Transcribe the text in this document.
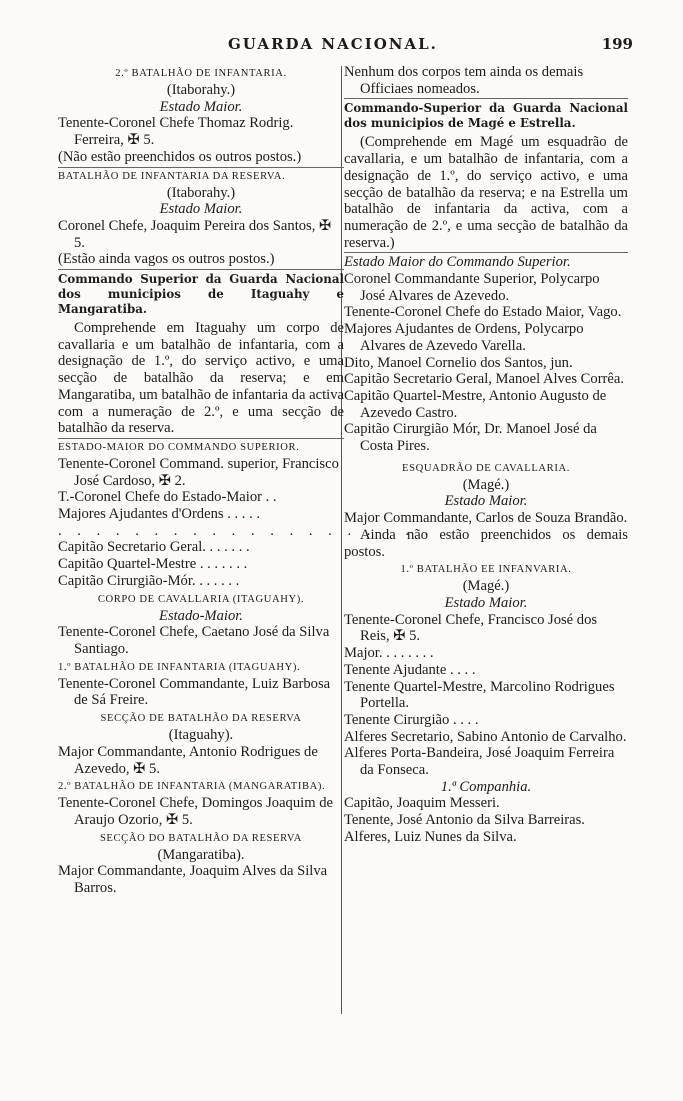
GUARDA NACIONAL.	199
2.º BATALHÃO DE INFANTARIA.
(Itaborahy.)
Estado Maior.
Tenente-Coronel Chefe Thomaz Rodrig. Ferreira, ✠ 5.
(Não estão preenchidos os outros postos.)
BATALHÃO DE INFANTARIA DA RESERVA.
(Itaborahy.)
Estado Maior.
Coronel Chefe, Joaquim Pereira dos Santos, ✠ 5.
(Estão ainda vagos os outros postos.)
Commando Superior da Guarda Nacional dos municipios de Itaguahy e Mangaratiba.
Comprehende em Itaguahy um corpo de cavallaria e um batalhão de infantaria, com a designação de 1.º, do serviço activo, e uma secção de batalhão da reserva; e em Mangaratiba, um batalhão de infantaria da activa com a numeração de 2.º, e uma secção de batalhão da reserva.
ESTADO-MAIOR DO COMMANDO SUPERIOR.
Tenente-Coronel Command. superior, Francisco José Cardoso, ✠ 2.
T.-Coronel Chefe do Estado-Maior . .
Majores Ajudantes d'Ordens . . . . .
. . . . . . . . . . . . . . . . . . . .
Capitão Secretario Geral. . . . . . .
Capitão Quartel-Mestre . . . . . . .
Capitão Cirurgião-Mór. . . . . . .
CORPO DE CAVALLARIA (ITAGUAHY).
Estado-Maior.
Tenente-Coronel Chefe, Caetano José da Silva Santiago.
1.º BATALHÃO DE INFANTARIA (ITAGUAHY).
Tenente-Coronel Commandante, Luiz Barbosa de Sá Freire.
SECÇÃO DE BATALHÃO DA RESERVA
(Itaguahy).
Major Commandante, Antonio Rodrigues de Azevedo, ✠ 5.
2.º BATALHÃO DE INFANTARIA (MANGARATIBA).
Tenente-Coronel Chefe, Domingos Joaquim de Araujo Ozorio, ✠ 5.
SECÇÃO DO BATALHÃO DA RESERVA
(Mangaratiba).
Major Commandante, Joaquim Alves da Silva Barros.
Nenhum dos corpos tem ainda os demais Officiaes nomeados.
Commando-Superior da Guarda Nacional dos municipios de Magé e Estrella.
(Comprehende em Magé um esquadrão de cavallaria, e um batalhão de infantaria, com a designação de 1.º, do serviço activo, e uma secção de batalhão da reserva; e na Estrella um batalhão de infantaria da activa, com a numeração de 2.º, e uma secção de batalhão da reserva.)
Estado Maior do Commando Superior.
Coronel Commandante Superior, Polycarpo José Alvares de Azevedo.
Tenente-Coronel Chefe do Estado Maior, Vago.
Majores Ajudantes de Ordens, Polycarpo Alvares de Azevedo Varella.
Dito, Manoel Cornelio dos Santos, jun.
Capitão Secretario Geral, Manoel Alves Corrêa.
Capitão Quartel-Mestre, Antonio Augusto de Azevedo Castro.
Capitão Cirurgião Mór, Dr. Manoel José da Costa Pires.
ESQUADRÃO DE CAVALLARIA.
(Magé.)
Estado Maior.
Major Commandante, Carlos de Souza Brandão.
Ainda não estão preenchidos os demais postos.
1.º BATALHÃO EE INFANVARIA.
(Magé.)
Estado Maior.
Tenente-Coronel Chefe, Francisco José dos Reis, ✠ 5.
Major. . . . . . . .
Tenente Ajudante . . . .
Tenente Quartel-Mestre, Marcolino Rodrigues Portella.
Tenente Cirurgião . . . .
Alferes Secretario, Sabino Antonio de Carvalho.
Alferes Porta-Bandeira, José Joaquim Ferreira da Fonseca.
1.ª Companhia.
Capitão, Joaquim Messeri.
Tenente, José Antonio da Silva Barreiras.
Alferes, Luiz Nunes da Silva.
